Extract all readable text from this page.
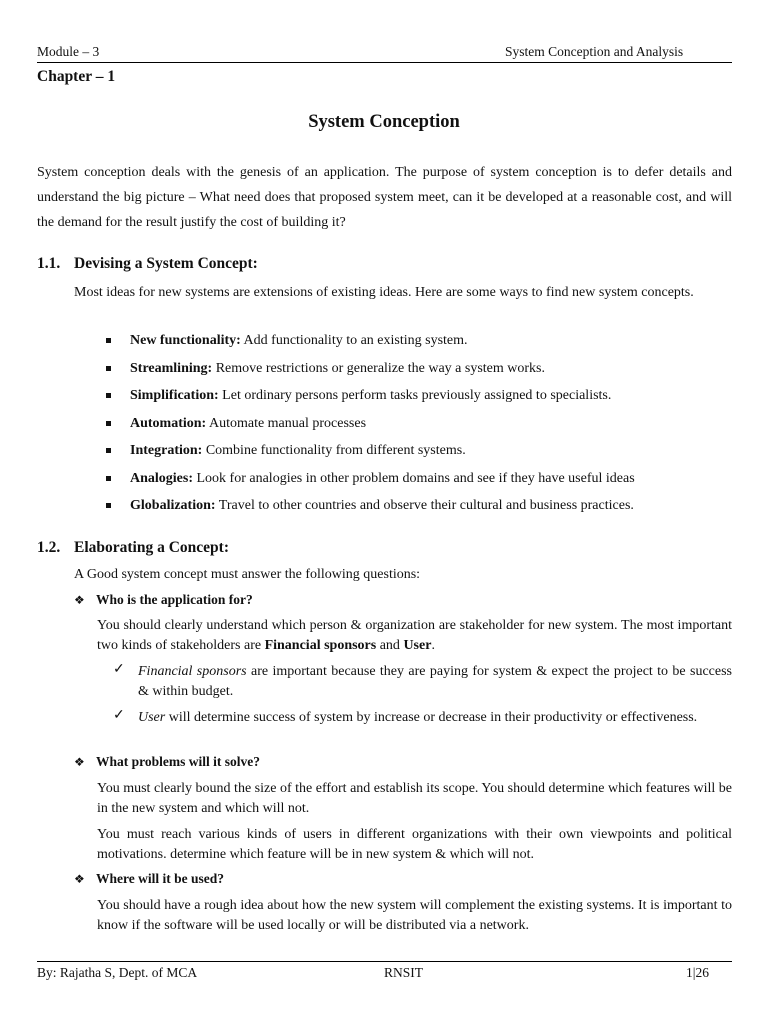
Module – 3	System Conception and Analysis
Chapter – 1
System Conception
System conception deals with the genesis of an application. The purpose of system conception is to defer details and understand the big picture – What need does that proposed system meet, can it be developed at a reasonable cost, and will the demand for the result justify the cost of building it?
1.1. Devising a System Concept:
Most ideas for new systems are extensions of existing ideas. Here are some ways to find new system concepts.
New functionality: Add functionality to an existing system.
Streamlining: Remove restrictions or generalize the way a system works.
Simplification: Let ordinary persons perform tasks previously assigned to specialists.
Automation: Automate manual processes
Integration: Combine functionality from different systems.
Analogies: Look for analogies in other problem domains and see if they have useful ideas
Globalization: Travel to other countries and observe their cultural and business practices.
1.2. Elaborating a Concept:
A Good system concept must answer the following questions:
❖ Who is the application for?
You should clearly understand which person & organization are stakeholder for new system. The most important two kinds of stakeholders are Financial sponsors and User.
✓ Financial sponsors are important because they are paying for system & expect the project to be success & within budget.
✓ User will determine success of system by increase or decrease in their productivity or effectiveness.
❖ What problems will it solve?
You must clearly bound the size of the effort and establish its scope. You should determine which features will be in the new system and which will not.
You must reach various kinds of users in different organizations with their own viewpoints and political motivations. determine which feature will be in new system & which will not.
❖ Where will it be used?
You should have a rough idea about how the new system will complement the existing systems. It is important to know if the software will be used locally or will be distributed via a network.
By: Rajatha S, Dept. of MCA	RNSIT	1|26
